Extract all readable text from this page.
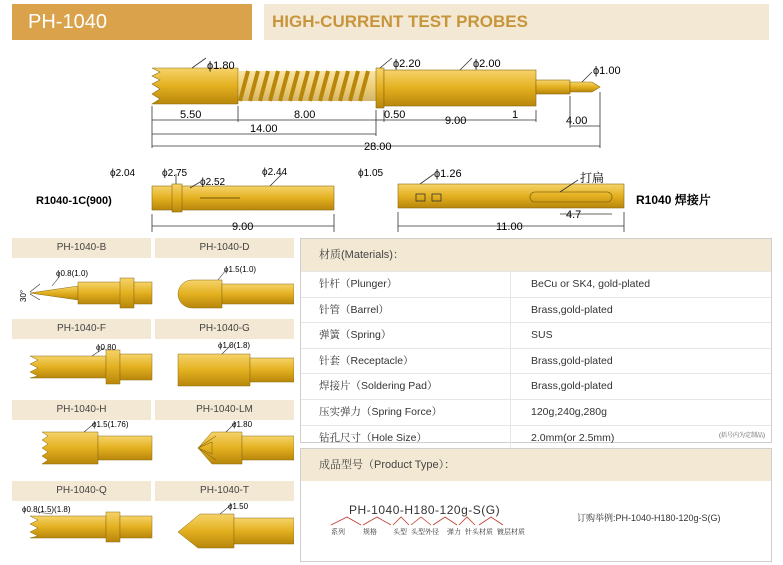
PH-1040	HIGH-CURRENT TEST PROBES
ϕ1.80	ϕ2.20	ϕ2.00
ϕ1.00
5.50	8.00
14.00
0.50	9.00	1	4.00
28.00
ϕ2.04	ϕ2.75
ϕ2.52
ϕ2.44
R1040-1C(900)
9.00
ϕ1.05	ϕ1.26	打扁
4.7
11.00
R1040 焊接片
PH-1040-B	PH-1040-D
PH-1040-F	PH-1040-G
PH-1040-H	PH-1040-LM
PH-1040-Q	PH-1040-T
ϕ0.8(1.0)
30°
ϕ1.5(1.0)
ϕ0.80	ϕ1.0(1.8)
ϕ1.5(1.76)	ϕ1.80
ϕ0.8(1.5)(1.8)	ϕ1.50
材质(Materials)：
针杆（Plunger）	BeCu or SK4, gold-plated
针管（Barrel）	Brass,gold-plated
弹簧（Spring）	SUS
针套（Receptacle）	Brass,gold-plated
焊接片（Soldering Pad）	Brass,gold-plated
压实弹力（Spring Force）	120g,240g,280g
钻孔尺寸（Hole Size）	2.0mm(or 2.5mm)	(括号内为定制品)
成品型号（Product Type）：
PH-1040-H180-120g-S(G)
系列	规格 头型 头型外径 弹力 针头材质 镀层材质
订购举例:PH-1040-H180-120g-S(G)
